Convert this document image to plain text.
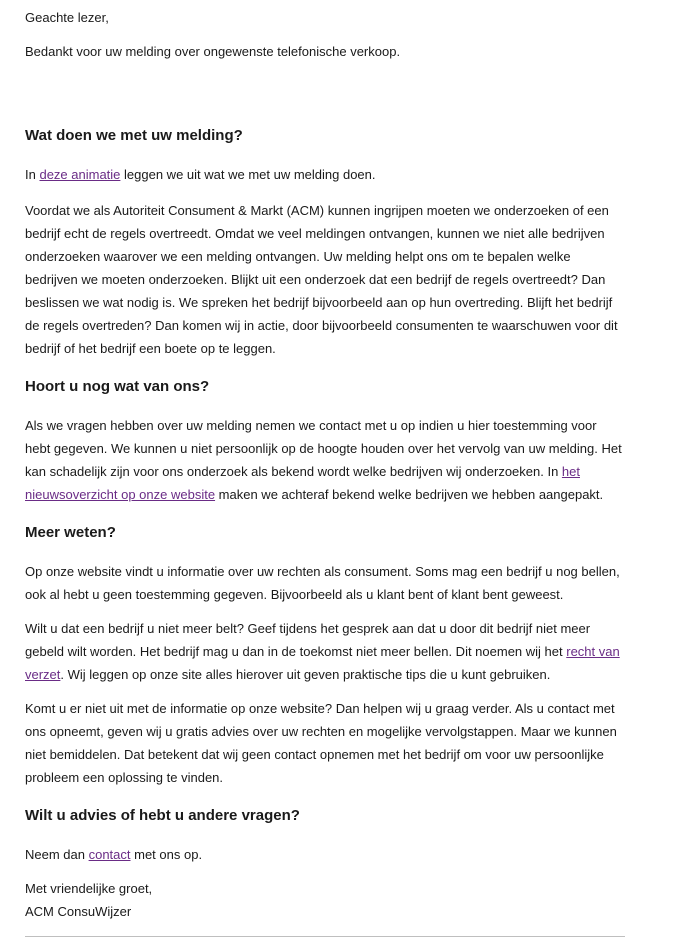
Geachte lezer,

Bedankt voor uw melding over ongewenste telefonische verkoop.

Wat doen we met uw melding?

In deze animatie leggen we uit wat we met uw melding doen.

Voordat we als Autoriteit Consument & Markt (ACM) kunnen ingrijpen moeten we onderzoeken of een bedrijf echt de regels overtreedt. Omdat we veel meldingen ontvangen, kunnen we niet alle bedrijven onderzoeken waarover we een melding ontvangen. Uw melding helpt ons om te bepalen welke bedrijven we moeten onderzoeken. Blijkt uit een onderzoek dat een bedrijf de regels overtreedt? Dan beslissen we wat nodig is. We spreken het bedrijf bijvoorbeeld aan op hun overtreding. Blijft het bedrijf de regels overtreden? Dan komen wij in actie, door bijvoorbeeld consumenten te waarschuwen voor dit bedrijf of het bedrijf een boete op te leggen.

Hoort u nog wat van ons?

Als we vragen hebben over uw melding nemen we contact met u op indien u hier toestemming voor hebt gegeven. We kunnen u niet persoonlijk op de hoogte houden over het vervolg van uw melding. Het kan schadelijk zijn voor ons onderzoek als bekend wordt welke bedrijven wij onderzoeken. In het nieuwsoverzicht op onze website maken we achteraf bekend welke bedrijven we hebben aangepakt.

Meer weten?

Op onze website vindt u informatie over uw rechten als consument. Soms mag een bedrijf u nog bellen, ook al hebt u geen toestemming gegeven. Bijvoorbeeld als u klant bent of klant bent geweest.

Wilt u dat een bedrijf u niet meer belt? Geef tijdens het gesprek aan dat u door dit bedrijf niet meer gebeld wilt worden. Het bedrijf mag u dan in de toekomst niet meer bellen. Dit noemen wij het recht van verzet. Wij leggen op onze site alles hierover uit geven praktische tips die u kunt gebruiken.

Komt u er niet uit met de informatie op onze website? Dan helpen wij u graag verder. Als u contact met ons opneemt, geven wij u gratis advies over uw rechten en mogelijke vervolgstappen. Maar we kunnen niet bemiddelen. Dat betekent dat wij geen contact opnemen met het bedrijf om voor uw persoonlijke probleem een oplossing te vinden.

Wilt u advies of hebt u andere vragen?

Neem dan contact met ons op.

Met vriendelijke groet,

ACM ConsuWijzer
